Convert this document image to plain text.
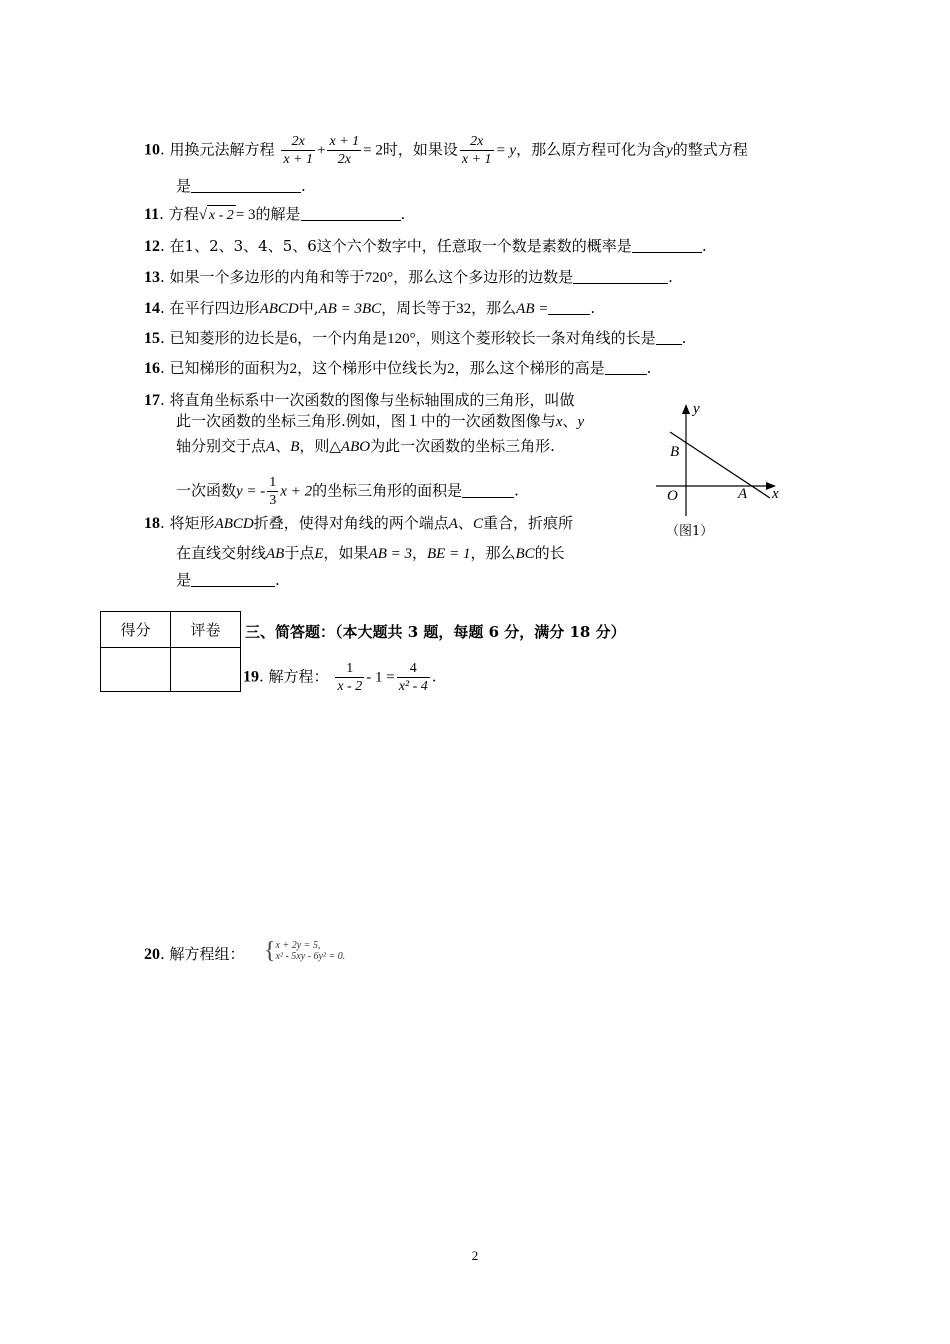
10. 用换元法解方程 $\frac{2x}{x + 1} + \frac{x + 1}{2x} = 2$时，如果设 $\frac{2x}{x + 1} = y$，那么原方程可化为含y的整式方程
是	.
11. 方程√ x - 2 = 3的解是	.
12. 在1、2、3、4、5、6这个六个数字中，任意取一个数是素数的概率是	.
13. 如果一个多边形的内角和等于720°，那么这个多边形的边数是	.
14. 在平行四边形ABCD中,AB = 3BC，周长等于32，那么AB =	.
15. 已知菱形的边长是6，一个内角是120°，则这个菱形较长一条对角线的长是 .
16. 已知梯形的面积为2，这个梯形中位线长为2，那么这个梯形的高是	.
17. 将直角坐标系中一次函数的图像与坐标轴围成的三角形，叫做
此一次函数的坐标三角形.例如，图１中的一次函数图像与x、y
轴分别交于点A、B，则△ABO为此一次函数的坐标三角形.
一次函数y = - $\frac{1}{3}$ x + 2的坐标三角形的面积是	.
y
x
B
O	A
（图1）
18. 将矩形ABCD折叠，使得对角线的两个端点A、C重合，折痕所
在直线交射线AB于点E，如果AB = 3，BE = 1，那么BC的长
是	.
得分	评卷
	三、简答题：（本大题共 3 题，每题 6 分，满分 18 分）
19. 解方程： $\frac{1}{x - 2} - 1 = \frac{4}{\text{x² - 4}}$ .
20. 解方程组： { x + 2y = 5,
x² - 5xy - 6y² = 0.
2
